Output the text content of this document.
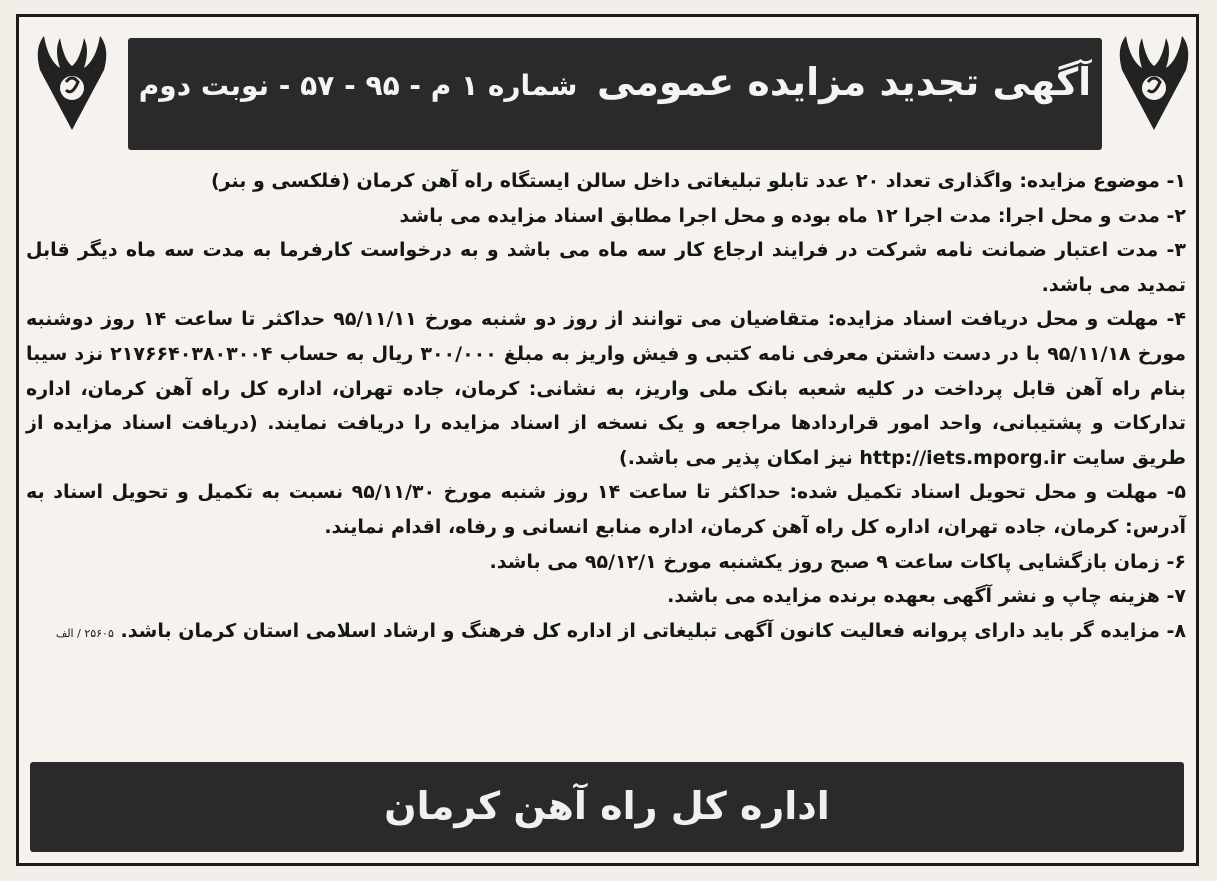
آگهی تجدید مزایده عمومی شماره ۱ م - ۹۵ - ۵۷ - نوبت دوم

۱- موضوع مزایده: واگذاری تعداد ۲۰ عدد تابلو تبلیغاتی داخل سالن ایستگاه راه آهن کرمان (فلکسی و بنر)

۲- مدت و محل اجرا: مدت اجرا ۱۲ ماه بوده و محل اجرا مطابق اسناد مزایده می باشد

۳- مدت اعتبار ضمانت نامه شرکت در فرایند ارجاع کار سه ماه می باشد و به درخواست کارفرما به مدت سه ماه دیگر قابل تمدید می باشد.

۴- مهلت و محل دریافت اسناد مزایده: متقاضیان می توانند از روز دو شنبه مورخ ۹۵/۱۱/۱۱ حداکثر تا ساعت ۱۴ روز دوشنبه مورخ ۹۵/۱۱/۱۸ با در دست داشتن معرفی نامه کتبی و فیش واریز به مبلغ ۳۰۰/۰۰۰ ریال به حساب ۲۱۷۶۶۴۰۳۸۰۳۰۰۴ نزد سیبا بنام راه آهن قابل پرداخت در کلیه شعبه بانک ملی واریز، به نشانی: کرمان، جاده تهران، اداره کل راه آهن کرمان، اداره تدارکات و پشتیبانی، واحد امور قراردادها مراجعه و یک نسخه از اسناد مزایده را دریافت نمایند. (دریافت اسناد مزایده از طریق سایت http://iets.mporg.ir نیز امکان پذیر می باشد.)

۵- مهلت و محل تحویل اسناد تکمیل شده: حداکثر تا ساعت ۱۴ روز شنبه مورخ ۹۵/۱۱/۳۰ نسبت به تکمیل و تحویل اسناد به آدرس: کرمان، جاده تهران، اداره کل راه آهن کرمان، اداره منابع انسانی و رفاه، اقدام نمایند.

۶- زمان بازگشایی پاکات ساعت ۹ صبح روز یکشنبه مورخ ۹۵/۱۲/۱ می باشد.

۷- هزینه چاپ و نشر آگهی بعهده برنده مزایده می باشد.

۸- مزایده گر باید دارای پروانه فعالیت کانون آگهی تبلیغاتی از اداره کل فرهنگ و ارشاد اسلامی استان کرمان باشد. ۲۵۶۰۵ / الف

اداره کل راه آهن کرمان
